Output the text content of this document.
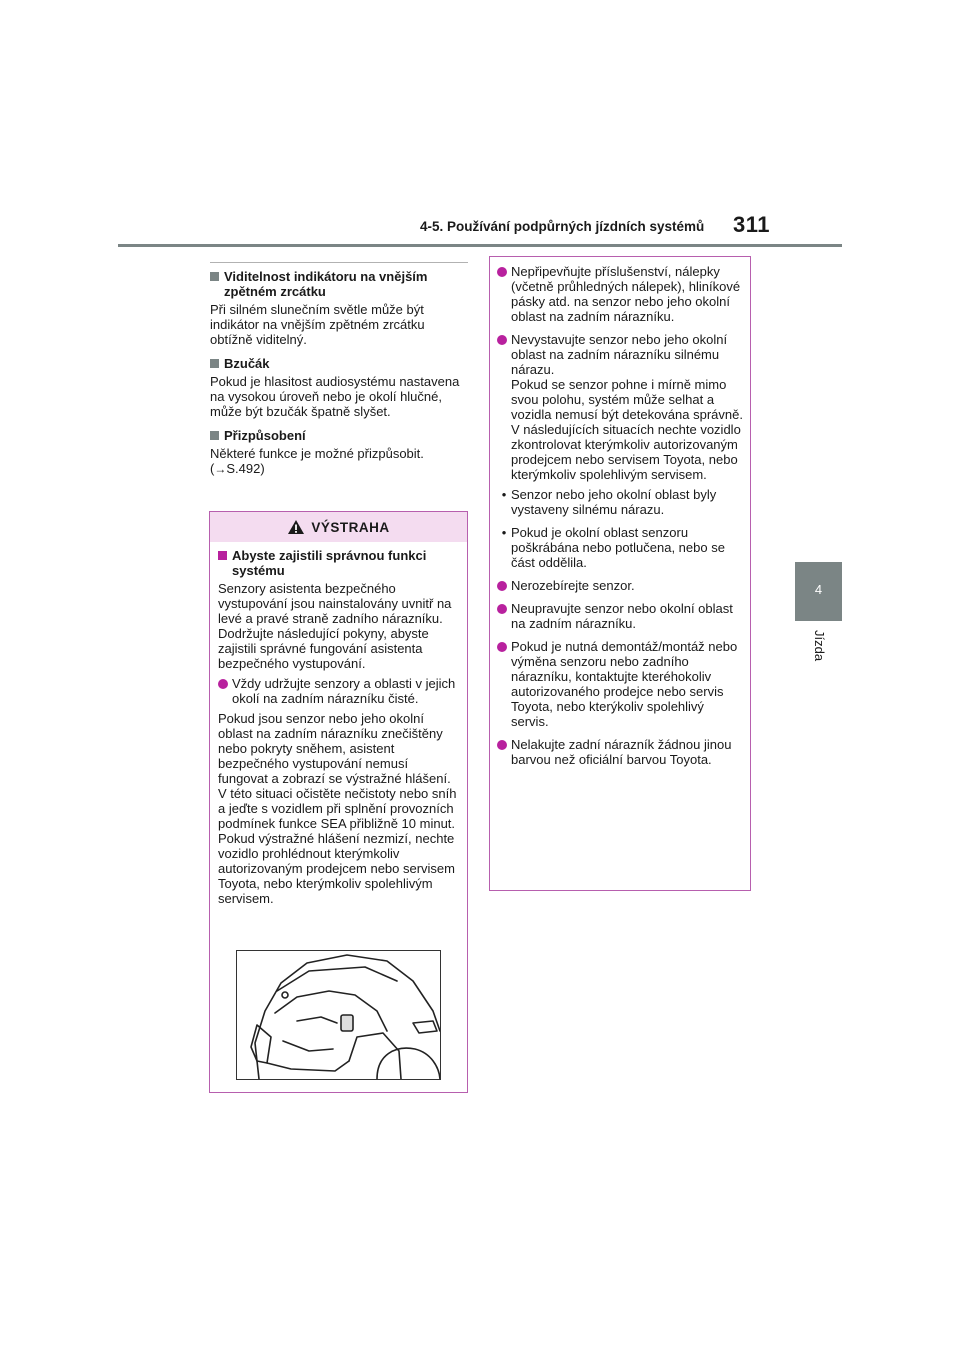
4-5. Používání podpůrných jízdních systémů 311
4
Jízda
Viditelnost indikátoru na vnějším zpětném zrcátku
Při silném slunečním světle může být indikátor na vnějším zpětném zrcátku obtížně viditelný.
Bzučák
Pokud je hlasitost audiosystému nastavena na vysokou úroveň nebo je okolí hlučné, může být bzučák špatně slyšet.
Přizpůsobení
Některé funkce je možné přizpůsobit.
(→S.492)
VÝSTRAHA
Abyste zajistili správnou funkci systému
Senzory asistenta bezpečného vystupování jsou nainstalovány uvnitř na levé a pravé straně zadního nárazníku. Dodržujte následující pokyny, abyste zajistili správné fungování asistenta bezpečného vystupování.
Vždy udržujte senzory a oblasti v jejich okolí na zadním nárazníku čisté.
Pokud jsou senzor nebo jeho okolní oblast na zadním nárazníku znečištěny nebo pokryty sněhem, asistent bezpečného vystupování nemusí fungovat a zobrazí se výstražné hlášení. V této situaci očistěte nečistoty nebo sníh a jeďte s vozidlem při splnění provozních podmínek funkce SEA přibližně 10 minut. Pokud výstražné hlášení nezmizí, nechte vozidlo prohlédnout kterýmkoliv autorizovaným prodejcem nebo servisem Toyota, nebo kterýmkoliv spolehlivým servisem.
Nepřipevňujte příslušenství, nálepky (včetně průhledných nálepek), hliníkové pásky atd. na senzor nebo jeho okolní oblast na zadním nárazníku.
Nevystavujte senzor nebo jeho okolní oblast na zadním nárazníku silnému nárazu.
Pokud se senzor pohne i mírně mimo svou polohu, systém může selhat a vozidla nemusí být detekována správně.
V následujících situacích nechte vozidlo zkontrolovat kterýmkoliv autorizovaným prodejcem nebo servisem Toyota, nebo kterýmkoliv spolehlivým servisem.
• Senzor nebo jeho okolní oblast byly vystaveny silnému nárazu.
• Pokud je okolní oblast senzoru poškrábána nebo potlučena, nebo se část oddělila.
Nerozebírejte senzor.
Neupravujte senzor nebo okolní oblast na zadním nárazníku.
Pokud je nutná demontáž/montáž nebo výměna senzoru nebo zadního nárazníku, kontaktujte kteréhokoliv autorizovaného prodejce nebo servis Toyota, nebo kterýkoliv spolehlivý servis.
Nelakujte zadní nárazník žádnou jinou barvou než oficiální barvou Toyota.
